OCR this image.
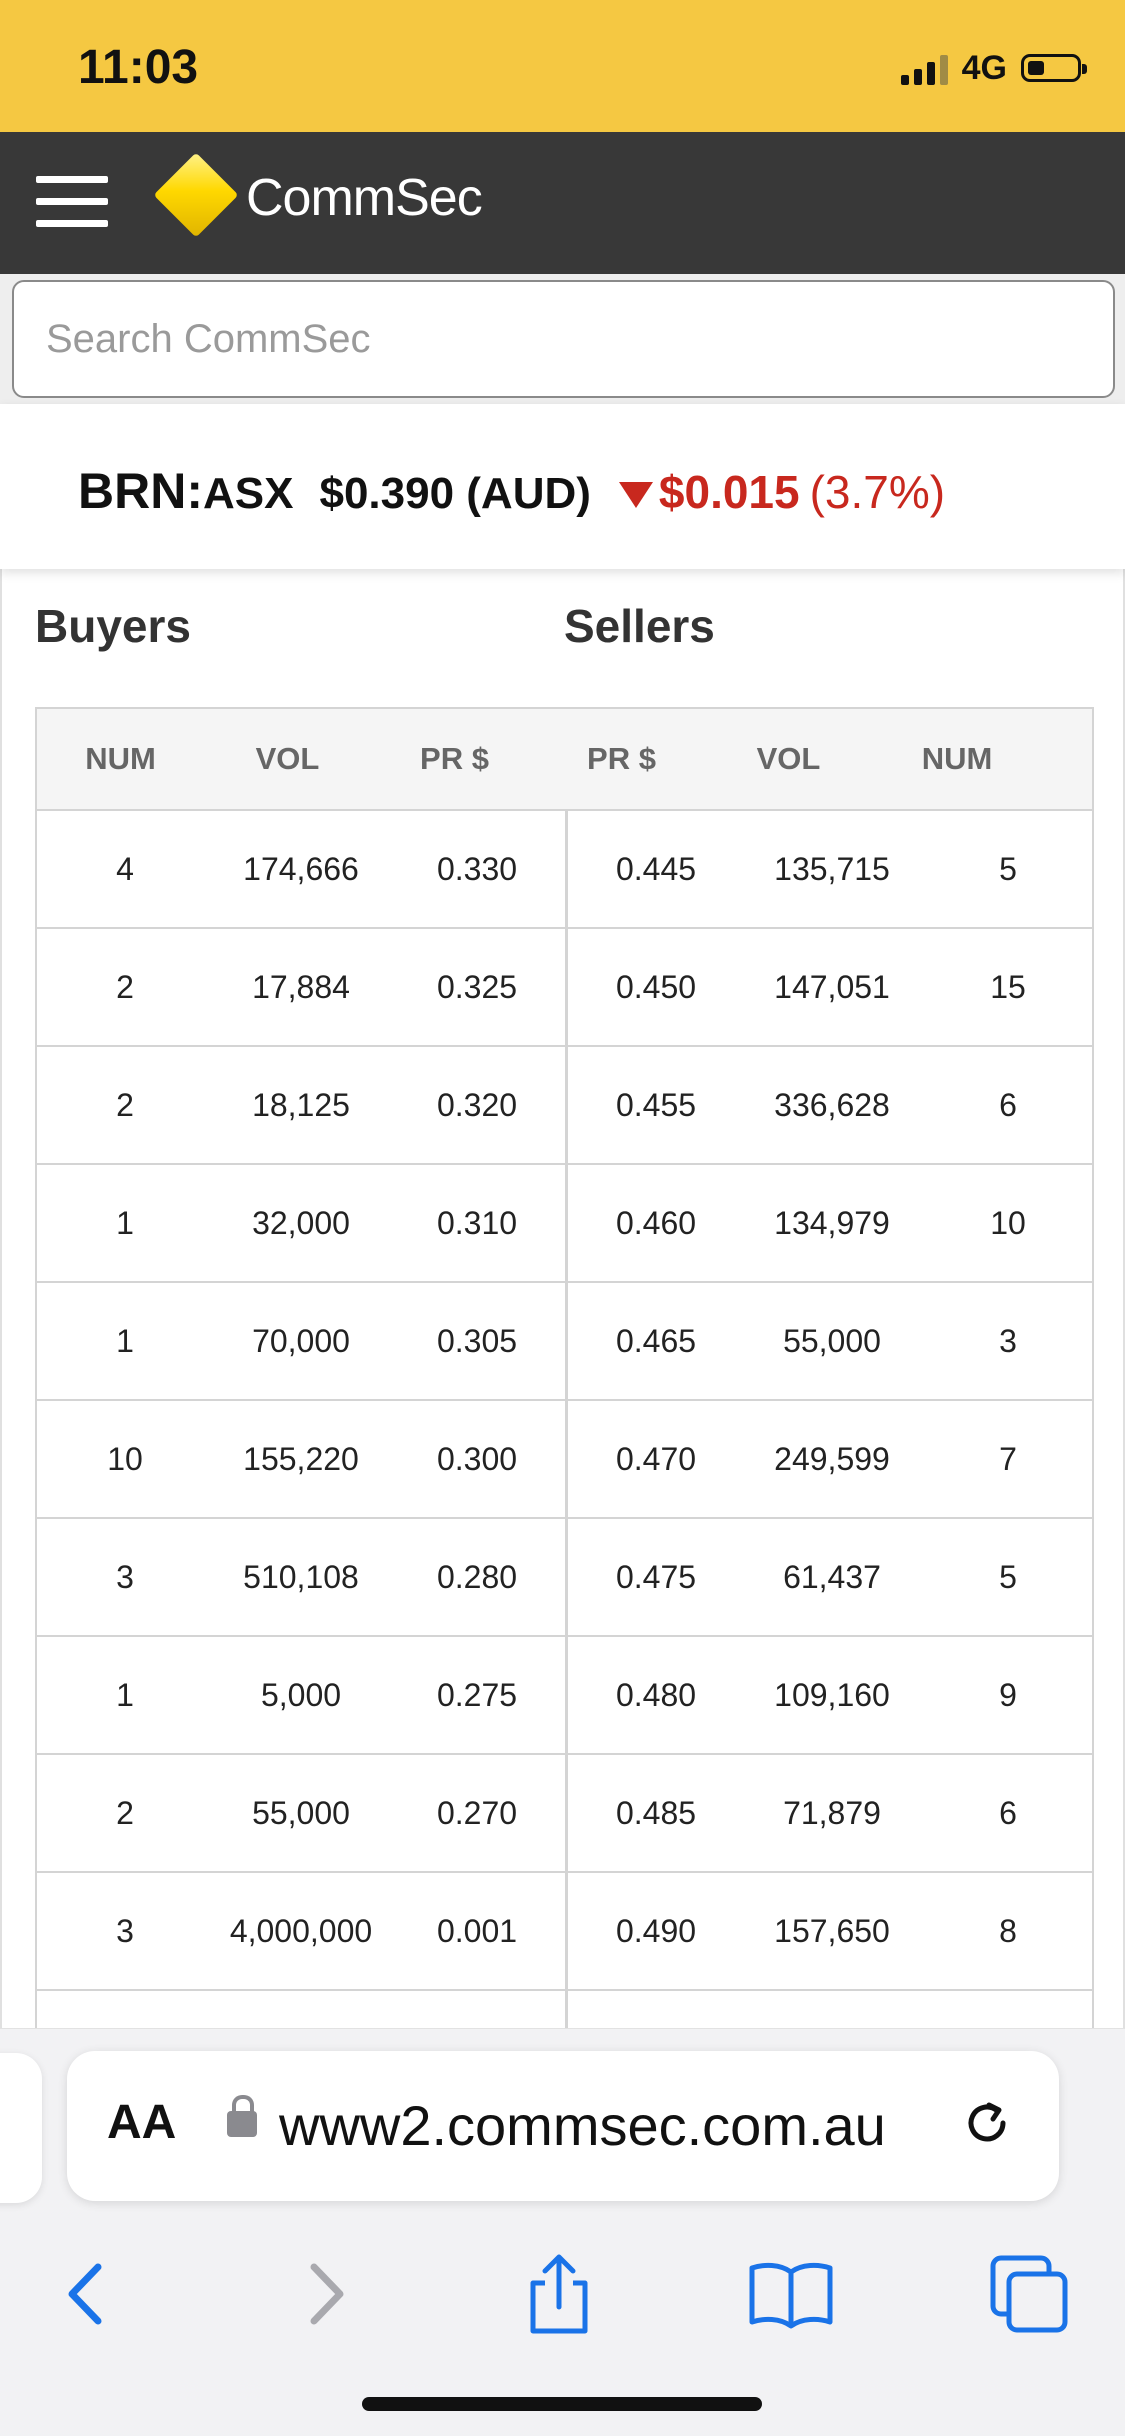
11:03	4G
CommSec
Search CommSec
BRN : ASX $0.390 (AUD) $0.015 (3.7%)
Buyers	Sellers
NUM	VOL	PR $	PR $	VOL	NUM
4	174,666	0.330	0.445	135,715	5
2	17,884	0.325	0.450	147,051	15
2	18,125	0.320	0.455	336,628	6
1	32,000	0.310	0.460	134,979	10
1	70,000	0.305	0.465	55,000	3
10	155,220	0.300	0.470	249,599	7
3	510,108	0.280	0.475	61,437	5
1	5,000	0.275	0.480	109,160	9
2	55,000	0.270	0.485	71,879	6
3	4,000,000	0.001	0.490	157,650	8
AA www2.commsec.com.au
